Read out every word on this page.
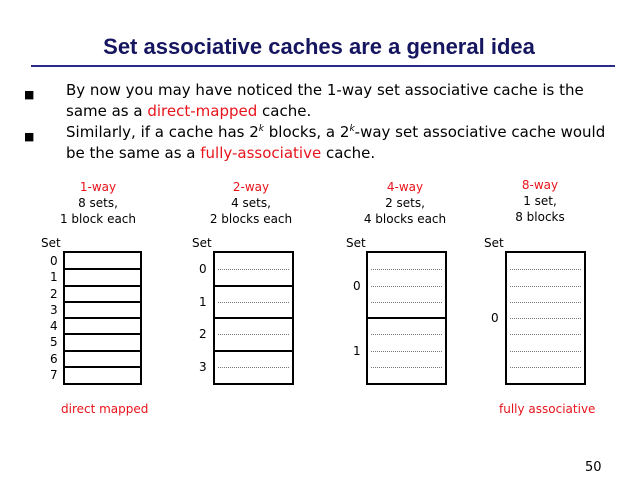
Set associative caches are a general idea
■ By now you may have noticed the 1-way set associative cache is the same as a direct-mapped cache.
■ Similarly, if a cache has 2$^k$ blocks, a 2$^k$-way set associative cache would be the same as a fully-associative cache.
1-way
8 sets,
1 block each
Set
direct mapped
2-way
4 sets,
2 blocks each
Set
4-way
2 sets,
4 blocks each
Set
8-way
1 set,
8 blocks
Set
fully associative
50
0
1
2
3
4
5
6
7
0
1
2
3
0
1
0
